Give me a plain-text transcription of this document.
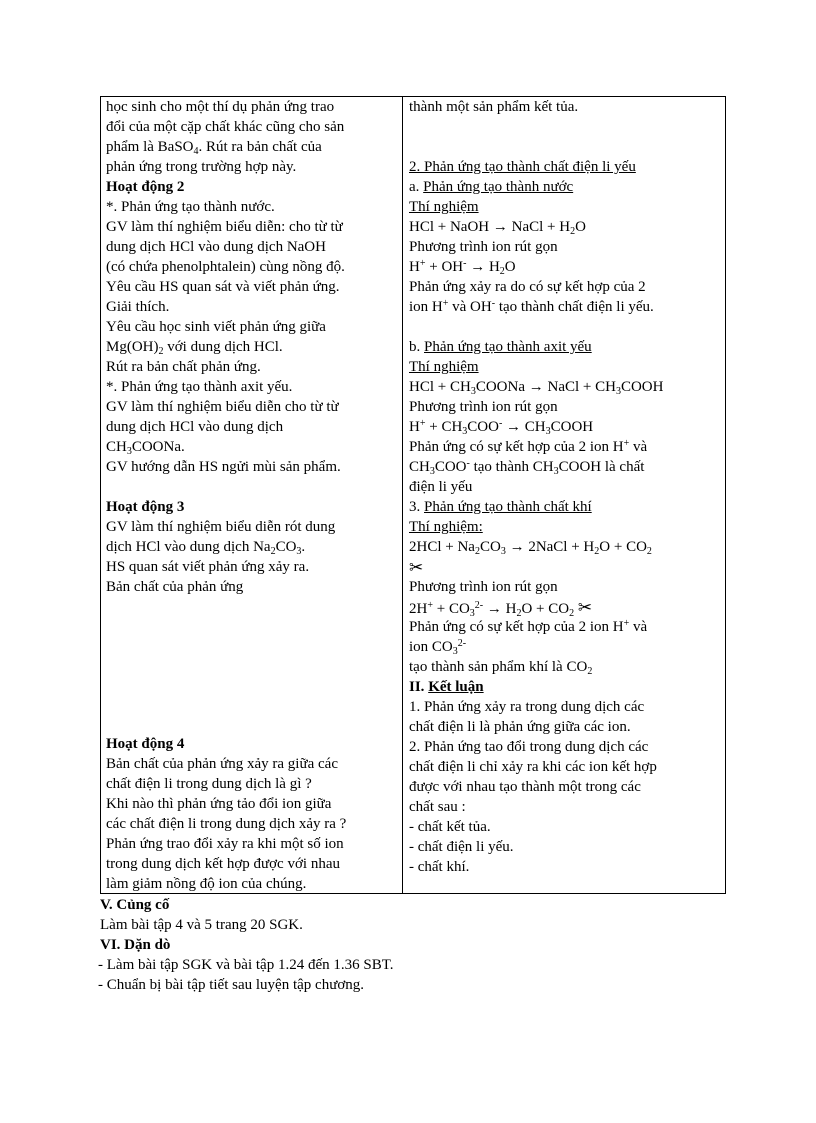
học sinh cho một thí dụ phản ứng trao
đổi của một cặp chất khác cũng cho sản
phẩm là BaSO$_4$. Rút ra bản chất của
phản ứng trong trường hợp này.
Hoạt động 2
*. Phản ứng tạo thành nước.
GV làm thí nghiệm biểu diễn: cho từ từ
dung dịch HCl vào dung dịch NaOH
(có chứa phenolphtalein) cùng nồng độ.
Yêu cầu HS quan sát và viết phản ứng.
Giải thích.
Yêu cầu học sinh viết phản ứng giữa
$Mg(OH)_2$ với dung dịch HCl.
Rút ra bản chất phản ứng.
*. Phản ứng tạo thành axit yếu.
GV làm thí nghiệm biểu diễn cho từ từ
dung dịch HCl vào dung dịch
$CH_3COONa$.
GV hướng dẫn HS ngửi mùi sản phẩm.
Hoạt động 3
GV làm thí nghiệm biểu diễn rót dung
dịch HCl vào dung dịch $Na_2CO_3$.
HS quan sát viết phản ứng xảy ra.
Bản chất của phản ứng
Hoạt động 4
Bản chất của phản ứng xảy ra giữa các
chất điện li trong dung dịch là gì ?
Khi nào thì phản ứng tảo đổi ion giữa
các chất điện li trong dung dịch xảy ra ?
Phản ứng trao đổi xảy ra khi một số ion
trong dung dịch kết hợp được với nhau
làm giảm nồng độ ion của chúng.
thành một sản phẩm kết tủa.
2. Phản ứng tạo thành chất điện li yếu
a. Phản ứng tạo thành nước
Thí nghiệm
HCl + NaOH → NaCl + $H_2O$
Phương trình ion rút gọn
$H^+ + OH^- \to H_2O$
Phản ứng xảy ra do có sự kết hợp của 2
ion H+ và OH- tạo thành chất điện li yếu.
b. Phản ứng tạo thành axit yếu
Thí nghiệm
HCl + $CH_3COONa$ → NaCl + $CH_3COOH$
Phương trình ion rút gọn
$H^+ + CH_3COO^-$ → $CH_3COOH$
Phản ứng có sự kết hợp của 2 ion H+ và
$CH_3COO^-$ tạo thành $CH_3COOH$ là chất
điện li yếu
3. Phản ứng tạo thành chất khí
Thí nghiệm:
$2HCl + Na_2CO_3$ → 2NaCl + $H_2O + CO_2$
✂
Phương trình ion rút gọn
$2H^+ + CO_3^{2-} \to H_2O + CO_2$ ✂
Phản ứng có sự kết hợp của 2 ion H+ và
ion $CO_3^{2-}$
tạo thành sản phẩm khí là $CO_2$
II. Kết luận
1. Phản ứng xảy ra trong dung dịch các
chất điện li là phản ứng giữa các ion.
2. Phản ứng tao đổi trong dung dịch các
chất điện li chỉ xảy ra khi các ion kết hợp
được với nhau tạo thành một trong các
chất sau :
- chất kết tủa.
- chất điện li yếu.
- chất khí.
V. Củng cố
Làm bài tập 4 và 5 trang 20 SGK.
VI. Dặn dò
- Làm bài tập SGK và bài tập 1.24 đến 1.36 SBT.
- Chuẩn bị bài tập tiết sau luyện tập chương.
